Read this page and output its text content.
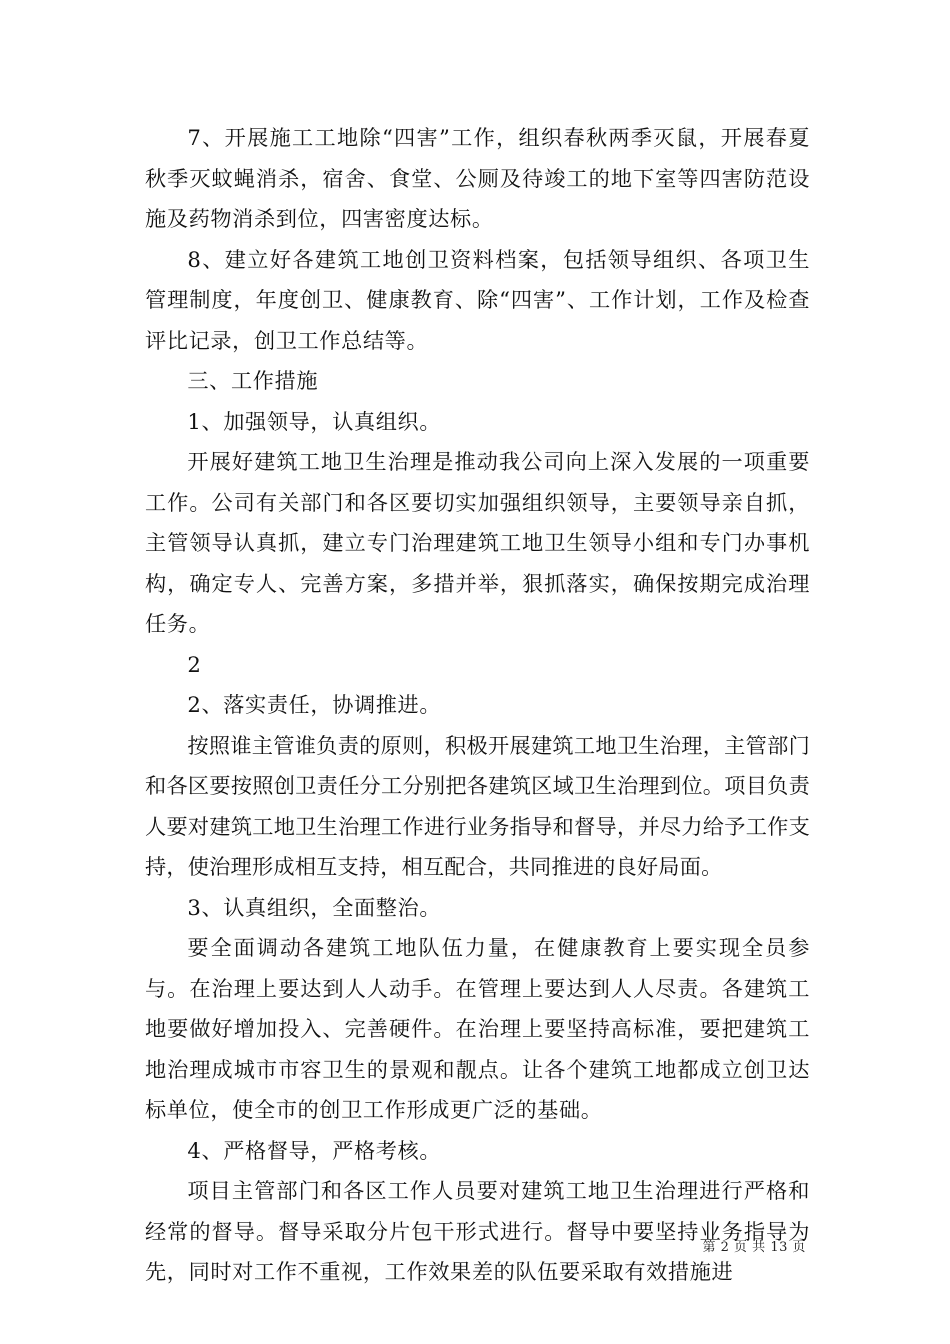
7、开展施工工地除“四害”工作，组织春秋两季灭鼠，开展春夏秋季灭蚊蝇消杀，宿舍、食堂、公厕及待竣工的地下室等四害防范设施及药物消杀到位，四害密度达标。

8、建立好各建筑工地创卫资料档案，包括领导组织、各项卫生管理制度，年度创卫、健康教育、除“四害”、工作计划，工作及检查评比记录，创卫工作总结等。

三、工作措施

1、加强领导，认真组织。

开展好建筑工地卫生治理是推动我公司向上深入发展的一项重要工作。公司有关部门和各区要切实加强组织领导，主要领导亲自抓，主管领导认真抓，建立专门治理建筑工地卫生领导小组和专门办事机构，确定专人、完善方案，多措并举，狠抓落实，确保按期完成治理任务。

2

2、落实责任，协调推进。

按照谁主管谁负责的原则，积极开展建筑工地卫生治理，主管部门和各区要按照创卫责任分工分别把各建筑区域卫生治理到位。项目负责人要对建筑工地卫生治理工作进行业务指导和督导，并尽力给予工作支持，使治理形成相互支持，相互配合，共同推进的良好局面。

3、认真组织，全面整治。

要全面调动各建筑工地队伍力量，在健康教育上要实现全员参与。在治理上要达到人人动手。在管理上要达到人人尽责。各建筑工地要做好增加投入、完善硬件。在治理上要坚持高标准，要把建筑工地治理成城市市容卫生的景观和靓点。让各个建筑工地都成立创卫达标单位，使全市的创卫工作形成更广泛的基础。

4、严格督导，严格考核。

项目主管部门和各区工作人员要对建筑工地卫生治理进行严格和经常的督导。督导采取分片包干形式进行。督导中要坚持业务指导为先，同时对工作不重视，工作效果差的队伍要采取有效措施进

第 2 页 共 13 页
